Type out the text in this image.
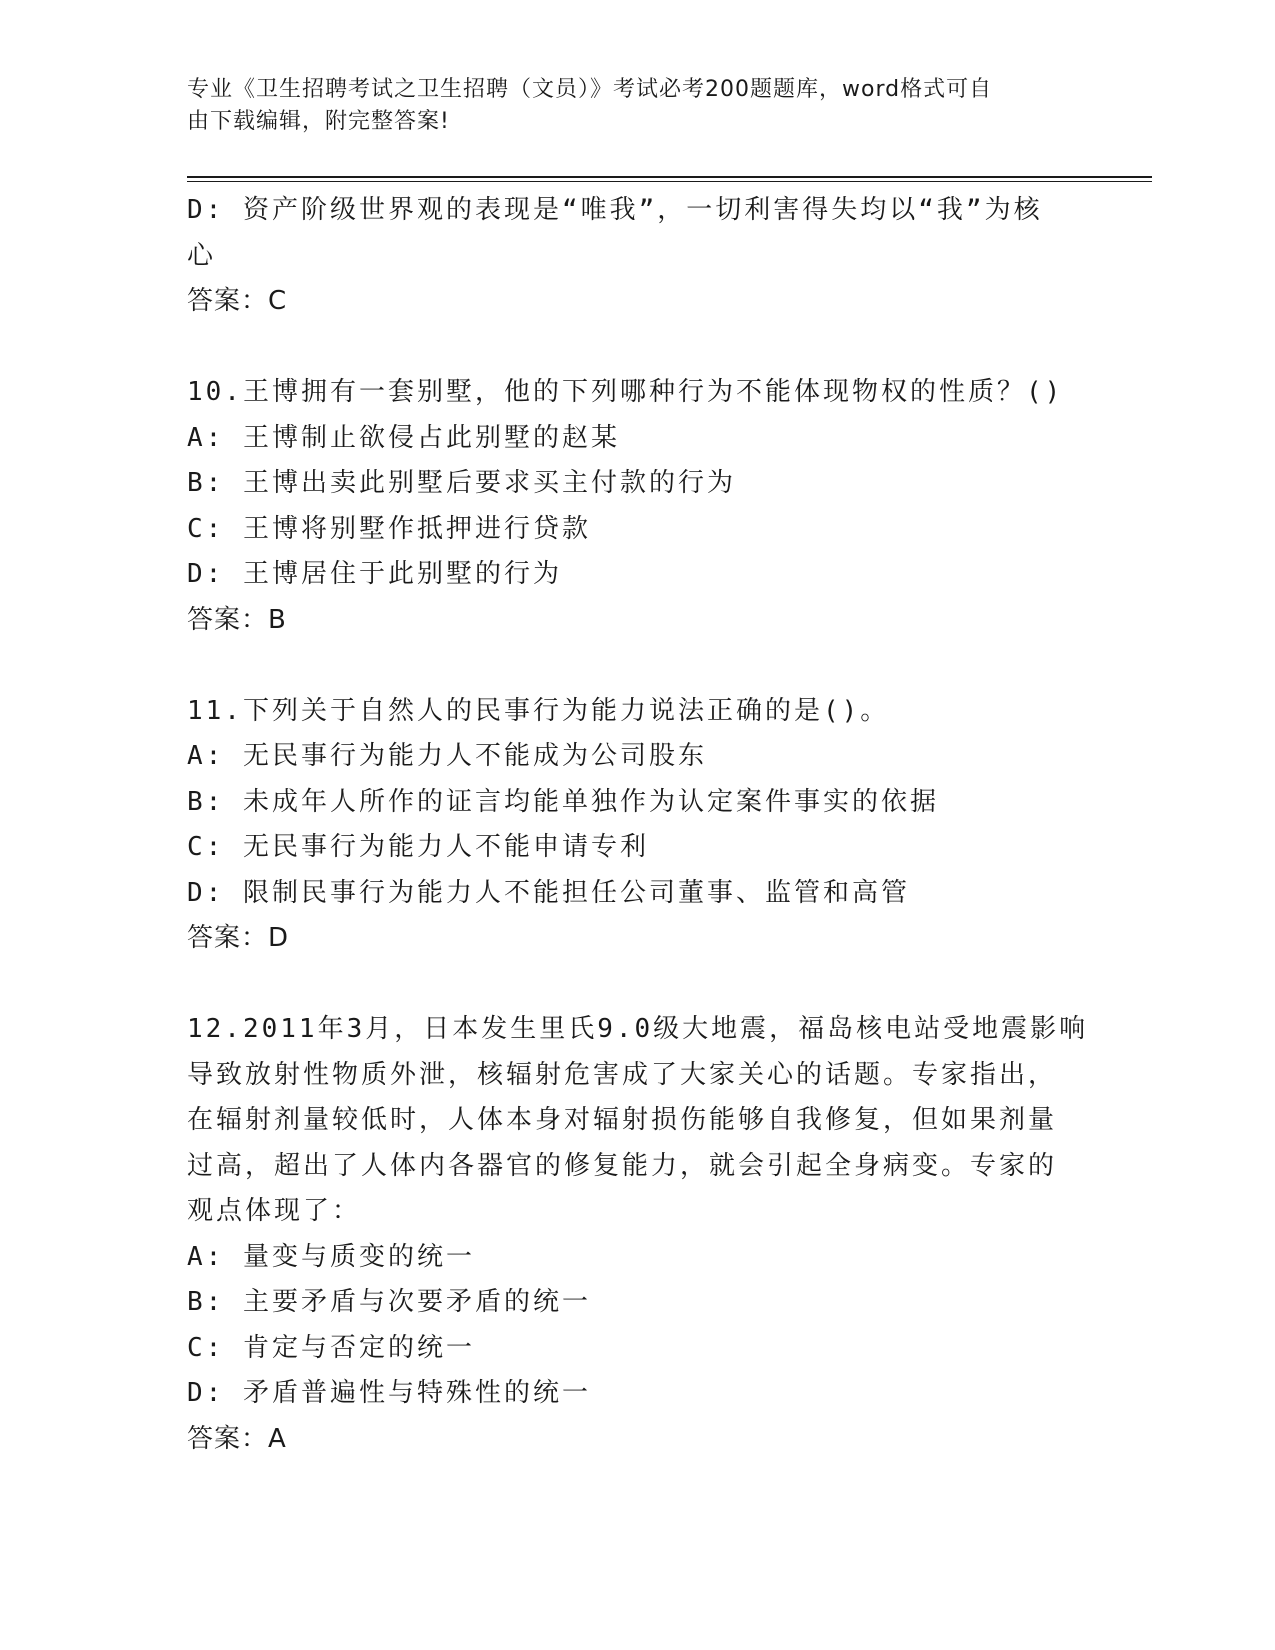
专业《卫生招聘考试之卫生招聘（文员）》考试必考200题题库，word格式可自
由下载编辑，附完整答案!
D: 资产阶级世界观的表现是“唯我”，一切利害得失均以“我”为核
心
答案：C
10.王博拥有一套别墅，他的下列哪种行为不能体现物权的性质？()
A: 王博制止欲侵占此别墅的赵某
B: 王博出卖此别墅后要求买主付款的行为
C: 王博将别墅作抵押进行贷款
D: 王博居住于此别墅的行为
答案：B
11.下列关于自然人的民事行为能力说法正确的是()。
A: 无民事行为能力人不能成为公司股东
B: 未成年人所作的证言均能单独作为认定案件事实的依据
C: 无民事行为能力人不能申请专利
D: 限制民事行为能力人不能担任公司董事、监管和高管
答案：D
12.2011年3月，日本发生里氏9.0级大地震，福岛核电站受地震影响
导致放射性物质外泄，核辐射危害成了大家关心的话题。专家指出，
在辐射剂量较低时，人体本身对辐射损伤能够自我修复，但如果剂量
过高，超出了人体内各器官的修复能力，就会引起全身病变。专家的
观点体现了：
A: 量变与质变的统一
B: 主要矛盾与次要矛盾的统一
C: 肯定与否定的统一
D: 矛盾普遍性与特殊性的统一
答案：A
